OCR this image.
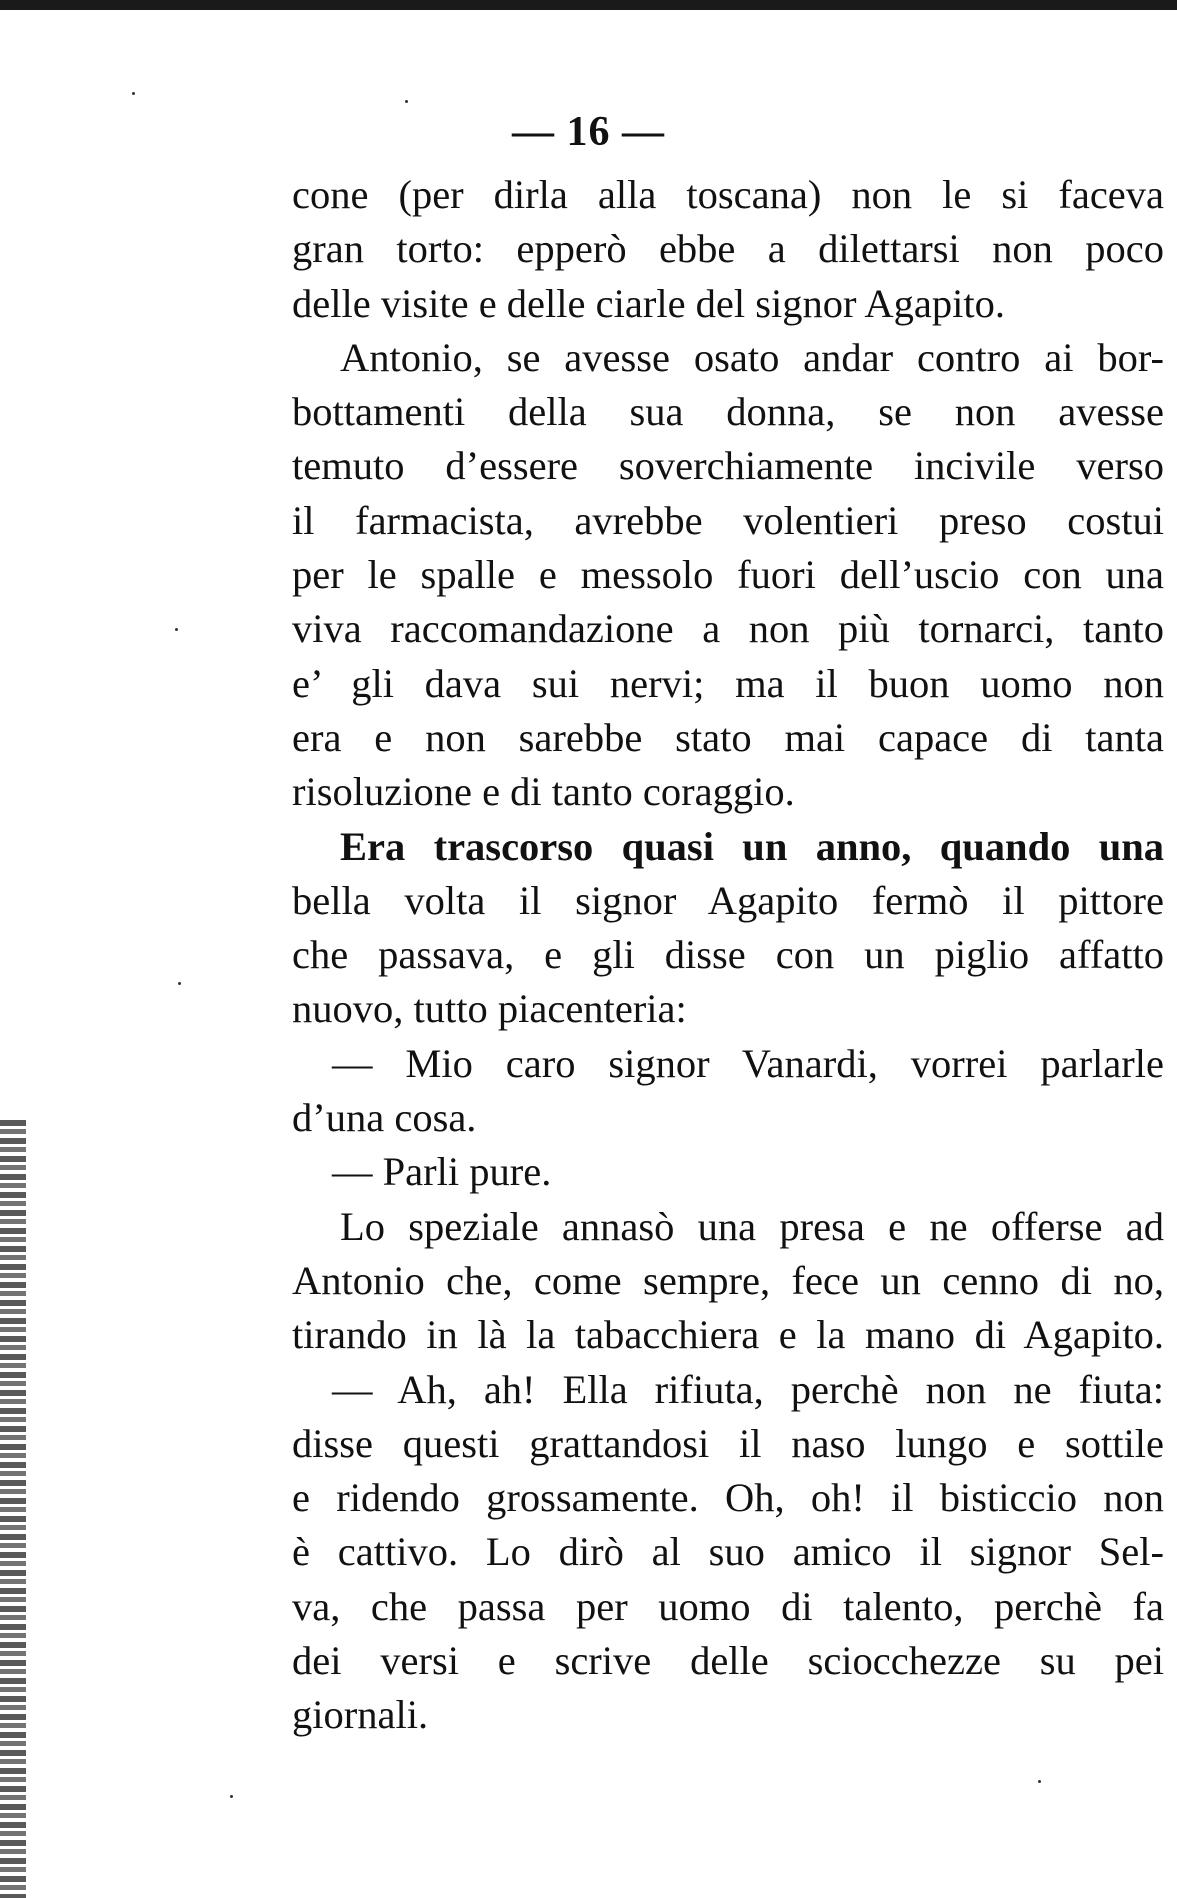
— 16 —
cone (per dirla alla toscana) non le si faceva
gran torto: epperò ebbe a dilettarsi non poco
delle visite e delle ciarle del signor Agapito.
Antonio, se avesse osato andar contro ai bor-
bottamenti della sua donna, se non avesse
temuto d’essere soverchiamente incivile verso
il farmacista, avrebbe volentieri preso costui
per le spalle e messolo fuori dell’uscio con una
viva raccomandazione a non più tornarci, tanto
e’ gli dava sui nervi; ma il buon uomo non
era e non sarebbe stato mai capace di tanta
risoluzione e di tanto coraggio.
Era trascorso quasi un anno, quando una
bella volta il signor Agapito fermò il pittore
che passava, e gli disse con un piglio affatto
nuovo, tutto piacenteria:
— Mio caro signor Vanardi, vorrei parlarle
d’una cosa.
— Parli pure.
Lo speziale annasò una presa e ne offerse ad
Antonio che, come sempre, fece un cenno di no,
tirando in là la tabacchiera e la mano di Agapito.
— Ah, ah! Ella rifiuta, perchè non ne fiuta:
disse questi grattandosi il naso lungo e sottile
e ridendo grossamente. Oh, oh! il bisticcio non
è cattivo. Lo dirò al suo amico il signor Sel-
va, che passa per uomo di talento, perchè fa
dei versi e scrive delle sciocchezze su pei
giornali.
